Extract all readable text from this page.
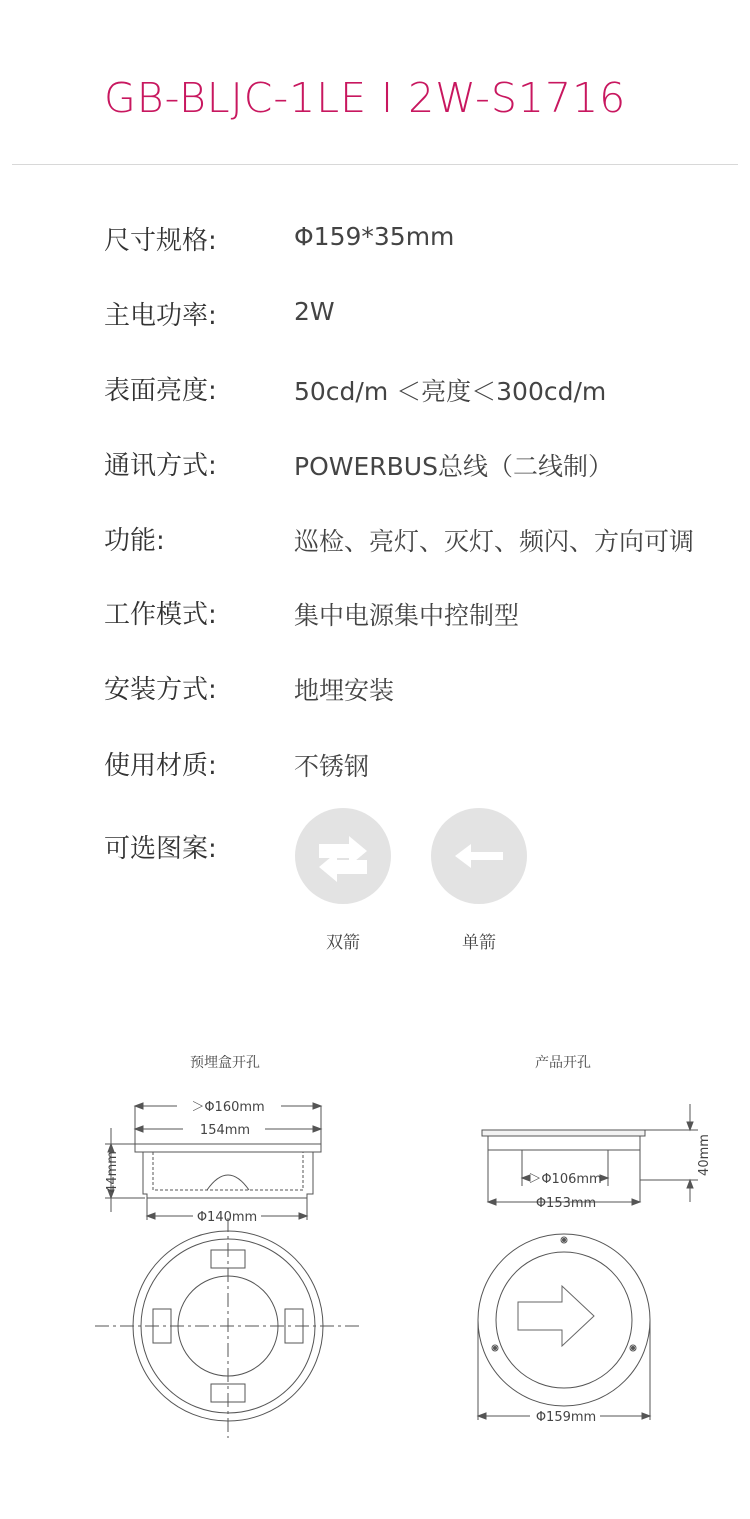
GB-BLJC-1LE I 2W-S1716
尺寸规格:	Φ159*35mm
主电功率:	2W
表面亮度:	50cd/m ＜亮度＜300cd/m
通讯方式:	POWERBUS总线（二线制）
功能:	巡检、亮灯、灭灯、频闪、方向可调
工作模式:	集中电源集中控制型
安装方式:	地埋安装
使用材质:	不锈钢
可选图案:
双箭	单箭
预埋盒开孔	产品开孔
＞Φ160mm
154mm
44mm
Φ140mm
40mm
＞Φ106mm
Φ153mm
Φ159mm
